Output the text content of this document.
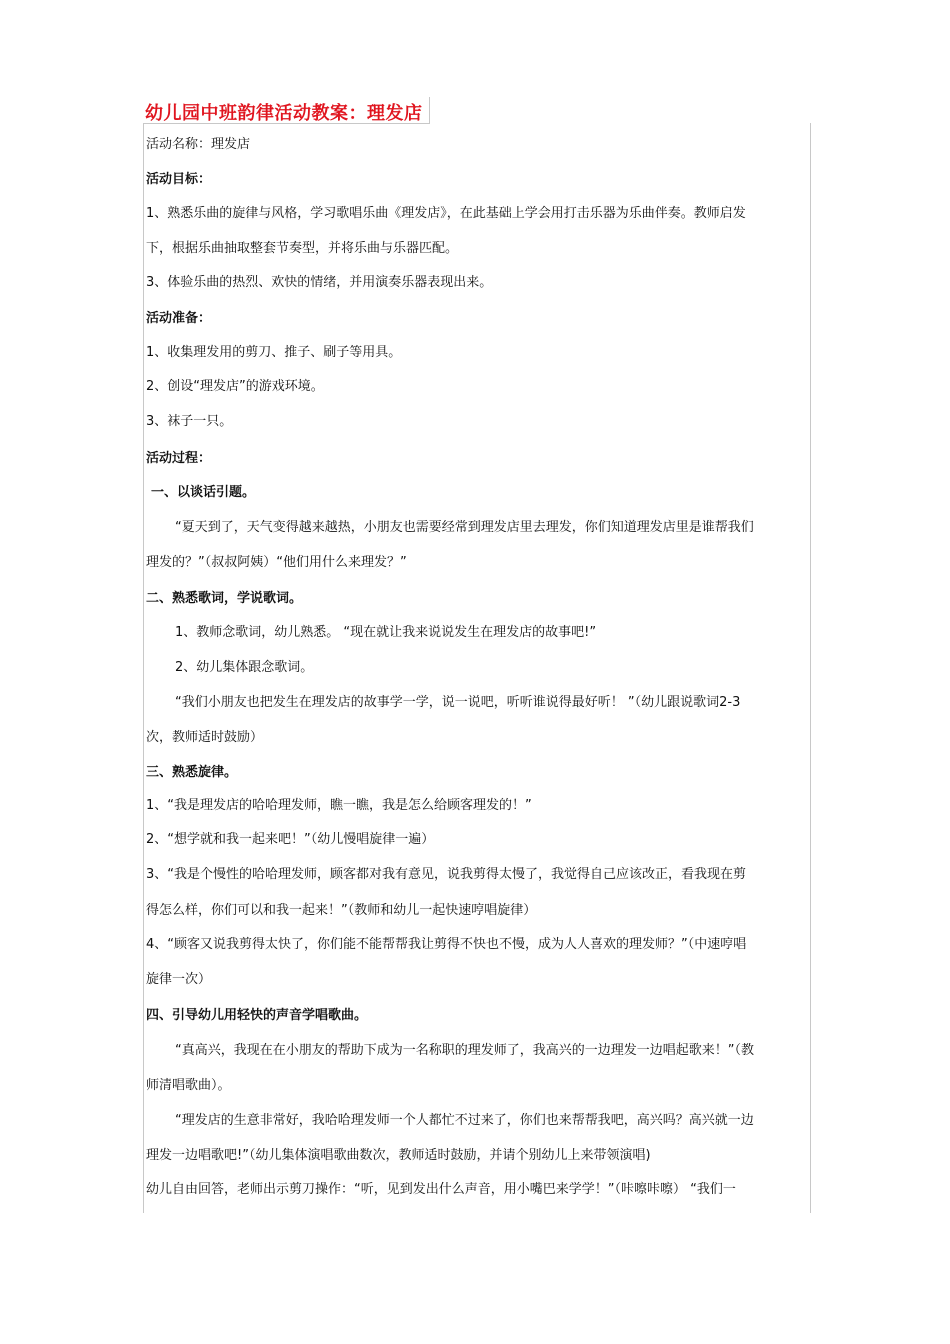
幼儿园中班韵律活动教案：理发店
活动名称：理发店
活动目标：
1、熟悉乐曲的旋律与风格，学习歌唱乐曲《理发店》，在此基础上学会用打击乐器为乐曲伴奏。教师启发
下，根据乐曲抽取整套节奏型，并将乐曲与乐器匹配。
3、体验乐曲的热烈、欢快的情绪，并用演奏乐器表现出来。
活动准备：
1、收集理发用的剪刀、推子、刷子等用具。
2、创设“理发店”的游戏环境。
3、袜子一只。
活动过程：
一、以谈话引题。
“夏天到了，天气变得越来越热，小朋友也需要经常到理发店里去理发，你们知道理发店里是谁帮我们
理发的？”（叔叔阿姨）“他们用什么来理发？”
二、熟悉歌词，学说歌词。
1、教师念歌词，幼儿熟悉。 “现在就让我来说说发生在理发店的故事吧!”
2、幼儿集体跟念歌词。
“我们小朋友也把发生在理发店的故事学一学，说一说吧，听听谁说得最好听！ ”（幼儿跟说歌词2-3
次，教师适时鼓励）
三、熟悉旋律。
1、“我是理发店的哈哈理发师，瞧一瞧，我是怎么给顾客理发的！”
2、“想学就和我一起来吧！”（幼儿慢唱旋律一遍）
3、“我是个慢性的哈哈理发师，顾客都对我有意见，说我剪得太慢了，我觉得自己应该改正，看我现在剪
得怎么样，你们可以和我一起来！”（教师和幼儿一起快速哼唱旋律）
4、“顾客又说我剪得太快了，你们能不能帮帮我让剪得不快也不慢，成为人人喜欢的理发师？”（中速哼唱
旋律一次）
四、引导幼儿用轻快的声音学唱歌曲。
“真高兴，我现在在小朋友的帮助下成为一名称职的理发师了，我高兴的一边理发一边唱起歌来！”（教
师清唱歌曲）。
“理发店的生意非常好，我哈哈理发师一个人都忙不过来了，你们也来帮帮我吧，高兴吗？高兴就一边
理发一边唱歌吧!”（幼儿集体演唱歌曲数次，教师适时鼓励，并请个别幼儿上来带领演唱)
幼儿自由回答，老师出示剪刀操作：“听，见到发出什么声音，用小嘴巴来学学！”（咔嚓咔嚓） “我们一
